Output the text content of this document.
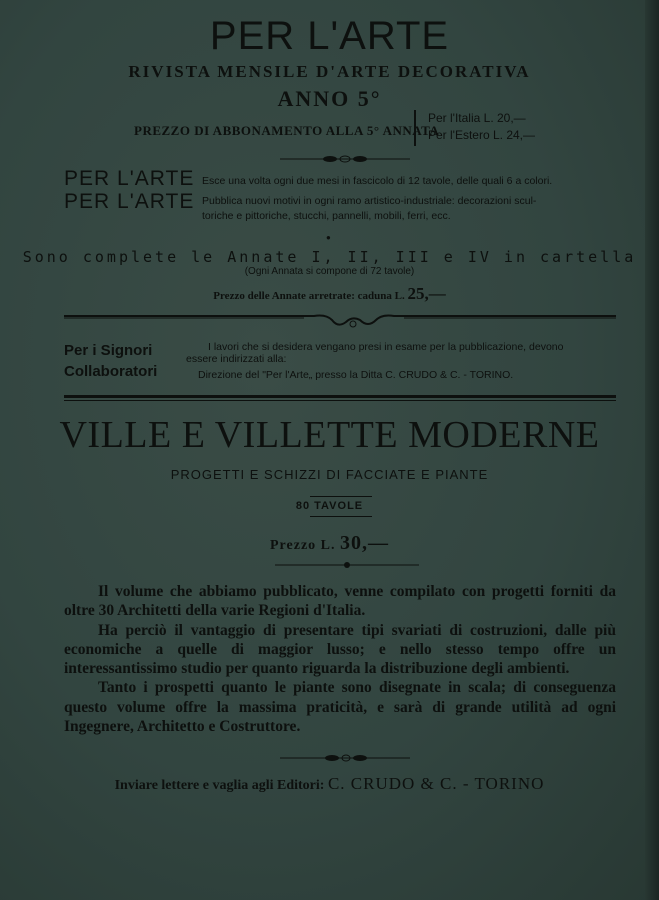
PER L'ARTE
RIVISTA MENSILE D'ARTE DECORATIVA
ANNO 5°
PREZZO DI ABBONAMENTO ALLA 5° ANNATA
Per l'Italia L. 20,—
Per l'Estero L. 24,—
PER L'ARTE Esce una volta ogni due mesi in fascicolo di 12 tavole, delle quali 6 a colori.
PER L'ARTE Pubblica nuovi motivi in ogni ramo artistico-industriale: decorazioni scul-
toriche e pittoriche, stucchi, pannelli, mobili, ferri, ecc.
●
Sono complete le Annate I, II, III e IV in cartella
(Ogni Annata si compone di 72 tavole)
Prezzo delle Annate arretrate: caduna L. 25,—
Per i Signori
Collaboratori
I lavori che si desidera vengano presi in esame per la pubblicazione, devono
essere indirizzati alla:
Direzione del "Per l'Arte„ presso la Ditta C. CRUDO & C. - TORINO.
VILLE E VILLETTE MODERNE
PROGETTI E SCHIZZI DI FACCIATE E PIANTE
80 TAVOLE
Prezzo L. 30,—

Il volume che abbiamo pubblicato, venne compilato con progetti forniti da oltre 30 Architetti della varie Regioni d'Italia.

Ha perciò il vantaggio di presentare tipi svariati di costruzioni, dalle più economiche a quelle di maggior lusso; e nello stesso tempo offre un interessantissimo studio per quanto riguarda la distribuzione degli ambienti.

Tanto i prospetti quanto le piante sono disegnate in scala; di conseguenza questo volume offre la massima praticità, e sarà di grande utilità ad ogni Ingegnere, Architetto e Costruttore.

Inviare lettere e vaglia agli Editori: C. CRUDO & C. - TORINO
